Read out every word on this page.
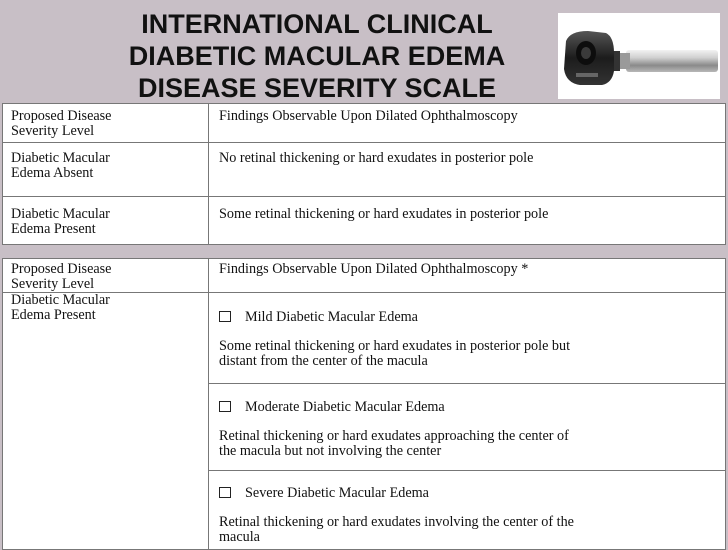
INTERNATIONAL CLINICAL
DIABETIC MACULAR EDEMA
DISEASE SEVERITY SCALE
Proposed Disease
Severity Level
Findings Observable Upon Dilated Ophthalmoscopy
Diabetic Macular
Edema Absent
No retinal thickening or hard exudates in posterior pole
Diabetic Macular
Edema Present
Some retinal thickening or hard exudates in posterior pole
Proposed Disease
Severity Level
Findings Observable Upon Dilated Ophthalmoscopy *
Diabetic Macular
Edema Present	Mild Diabetic Macular Edema
Some retinal thickening or hard exudates in posterior pole but
distant from the center of the macula
Moderate Diabetic Macular Edema
Retinal thickening or hard exudates approaching the center of
the macula but not involving the center
Severe Diabetic Macular Edema
Retinal thickening or hard exudates involving the center of the
macula
